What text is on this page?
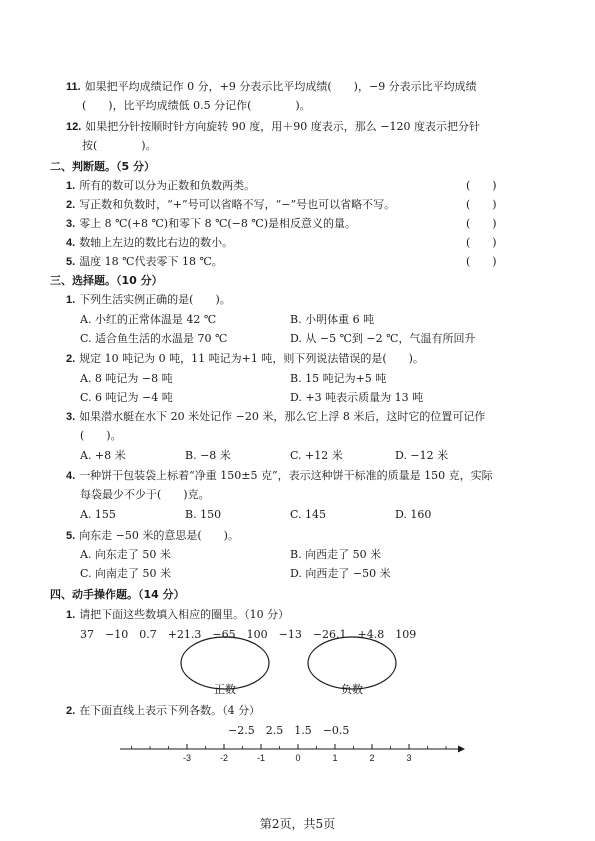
11. 如果把平均成绩记作 0 分，+9 分表示比平均成绩(　　)，−9 分表示比平均成绩
(　　)，比平均成绩低 0.5 分记作(　　　　)。
12. 如果把分针按顺时针方向旋转 90 度，用＋90 度表示，那么 −120 度表示把分针
按(　　　　)。
二、判断题。（5 分）
1. 所有的数可以分为正数和负数两类。	(　　)
2. 写正数和负数时，“+”号可以省略不写，“−”号也可以省略不写。	(　　)
3. 零上 8 ℃(+8 ℃)和零下 8 ℃(−8 ℃)是相反意义的量。	(　　)
4. 数轴上左边的数比右边的数小。	(　　)
5. 温度 18 ℃代表零下 18 ℃。	(　　)
三、选择题。（10 分）
1. 下列生活实例正确的是(　　)。
A. 小红的正常体温是 42 ℃	B. 小明体重 6 吨
C. 适合鱼生活的水温是 70 ℃	D. 从 −5 ℃到 −2 ℃，气温有所回升
2. 规定 10 吨记为 0 吨，11 吨记为+1 吨，则下列说法错误的是(　　)。
A. 8 吨记为 −8 吨	B. 15 吨记为+5 吨
C. 6 吨记为 −4 吨	D. +3 吨表示质量为 13 吨
3. 如果潜水艇在水下 20 米处记作 −20 米，那么它上浮 8 米后，这时它的位置可记作
(　　)。
A. +8 米	B. −8 米	C. +12 米	D. −12 米
4. 一种饼干包装袋上标着“净重 150±5 克”，表示这种饼干标准的质量是 150 克，实际
每袋最少不少于(　　)克。
A. 155	B. 150	C. 145	D. 160
5. 向东走 −50 米的意思是(　　)。
A. 向东走了 50 米	B. 向西走了 50 米
C. 向南走了 50 米	D. 向西走了 −50 米
四、动手操作题。（14 分）
1. 请把下面这些数填入相应的圈里。（10 分）
37　−10　0.7　+21.3　−65　100　−13　−26.1　+4.8　109
正数	负数
2. 在下面直线上表示下列各数。（4 分）
−2.5　2.5　1.5　−0.5
-3	-2	-1	0	1	2	3
第2页，共5页
